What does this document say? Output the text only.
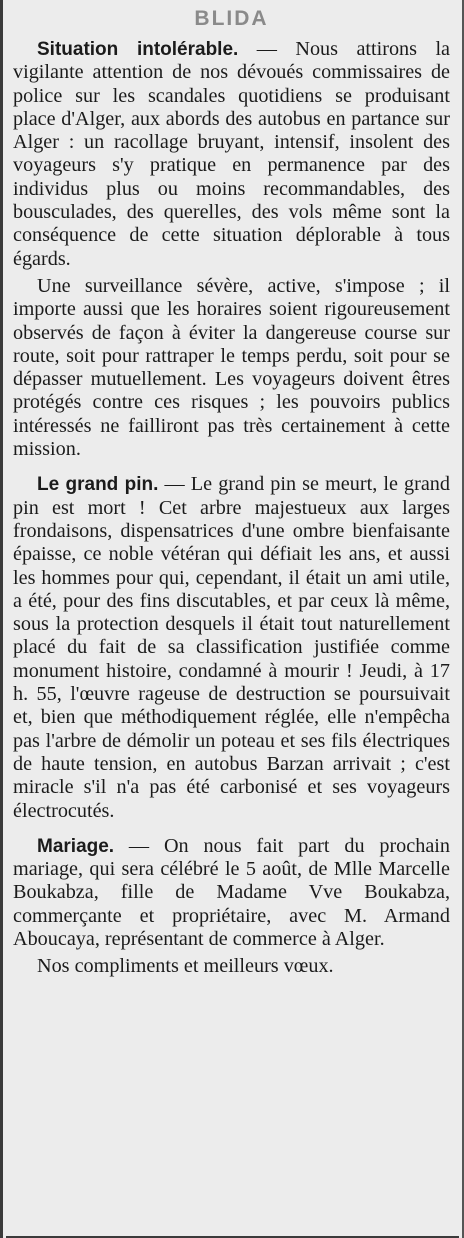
BLIDA

Situation intolérable. — Nous attirons la vigilante attention de nos dévoués commissaires de police sur les scandales quotidiens se produisant place d'Alger, aux abords des autobus en partance sur Alger : un racollage bruyant, intensif, insolent des voyageurs s'y pratique en permanence par des individus plus ou moins recommandables, des bousculades, des querelles, des vols même sont la conséquence de cette situation déplorable à tous égards.

Une surveillance sévère, active, s'impose ; il importe aussi que les horaires soient rigoureusement observés de façon à éviter la dangereuse course sur route, soit pour rattraper le temps perdu, soit pour se dépasser mutuellement. Les voyageurs doivent êtres protégés contre ces risques ; les pouvoirs publics intéressés ne failliront pas très certainement à cette mission.

Le grand pin. — Le grand pin se meurt, le grand pin est mort ! Cet arbre majestueux aux larges frondaisons, dispensatrices d'une ombre bienfaisante épaisse, ce noble vétéran qui défiait les ans, et aussi les hommes pour qui, cependant, il était un ami utile, a été, pour des fins discutables, et par ceux là même, sous la protection desquels il était tout naturellement placé du fait de sa classification justifiée comme monument histoire, condamné à mourir ! Jeudi, à 17 h. 55, l'œuvre rageuse de destruction se poursuivait et, bien que méthodiquement réglée, elle n'empêcha pas l'arbre de démolir un poteau et ses fils électriques de haute tension, en autobus Barzan arrivait ; c'est miracle s'il n'a pas été carbonisé et ses voyageurs électrocutés.

Mariage. — On nous fait part du prochain mariage, qui sera célébré le 5 août, de Mlle Marcelle Boukabza, fille de Madame Vve Boukabza, commerçante et propriétaire, avec M. Armand Aboucaya, représentant de commerce à Alger.

Nos compliments et meilleurs vœux.
